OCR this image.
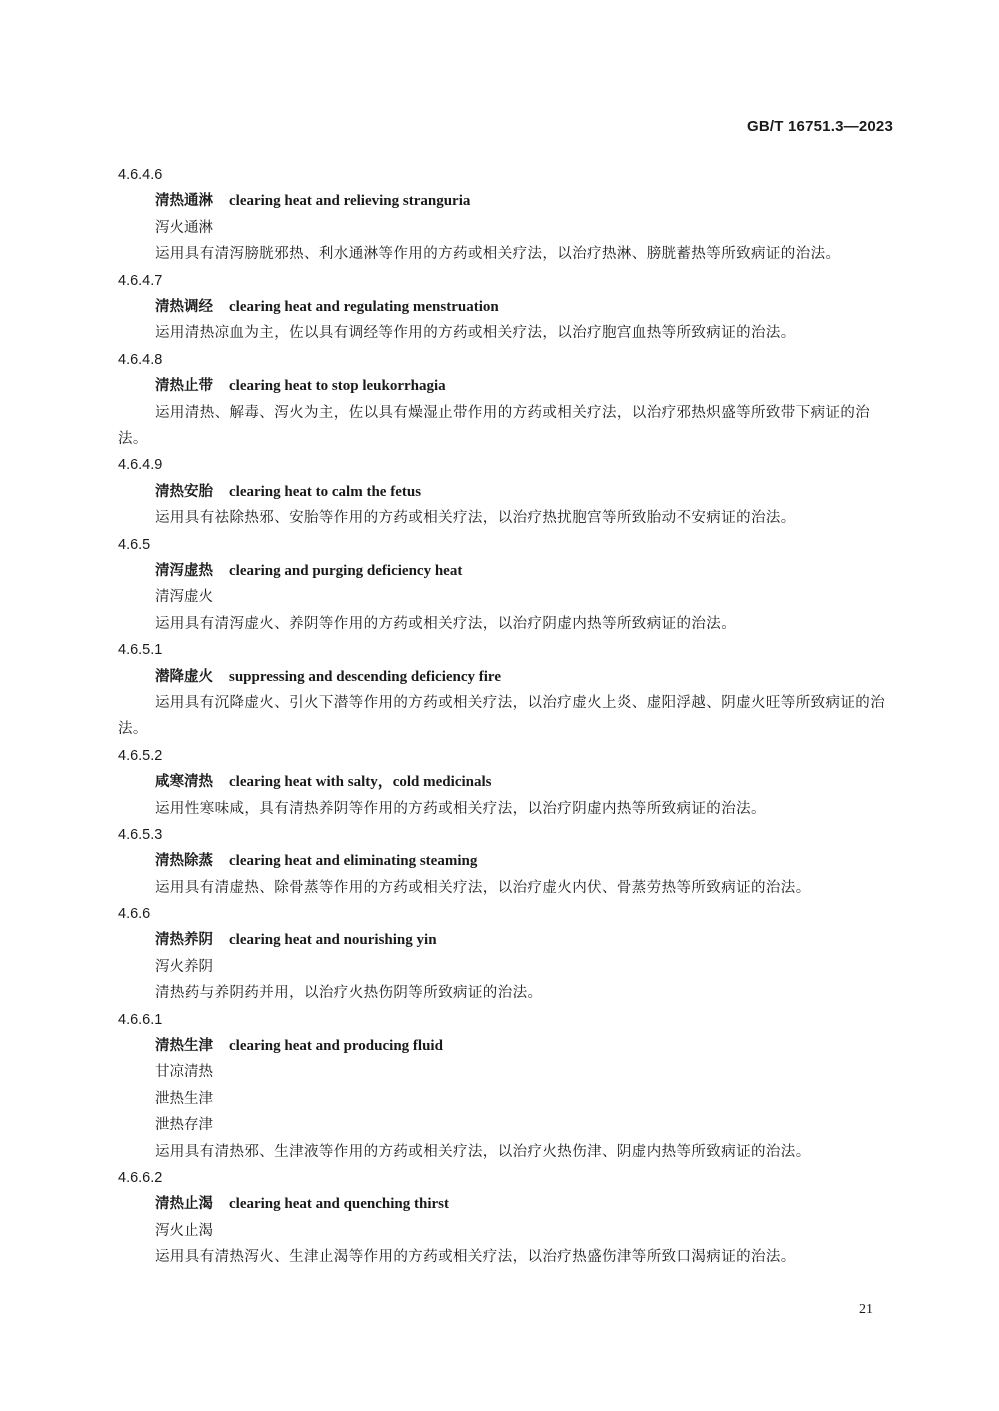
GB/T 16751.3—2023
4.6.4.6
清热通淋 clearing heat and relieving stranguria
泻火通淋

运用具有清泻膀胱邪热、利水通淋等作用的方药或相关疗法，以治疗热淋、膀胱蓄热等所致病证的治法。

4.6.4.7
清热调经 clearing heat and regulating menstruation

运用清热凉血为主，佐以具有调经等作用的方药或相关疗法，以治疗胞宫血热等所致病证的治法。

4.6.4.8
清热止带 clearing heat to stop leukorrhagia

运用清热、解毒、泻火为主，佐以具有燥湿止带作用的方药或相关疗法，以治疗邪热炽盛等所致带下病证的治法。

4.6.4.9
清热安胎 clearing heat to calm the fetus

运用具有祛除热邪、安胎等作用的方药或相关疗法，以治疗热扰胞宫等所致胎动不安病证的治法。

4.6.5
清泻虚热 clearing and purging deficiency heat
清泻虚火

运用具有清泻虚火、养阴等作用的方药或相关疗法，以治疗阴虚内热等所致病证的治法。

4.6.5.1
潜降虚火 suppressing and descending deficiency fire

运用具有沉降虚火、引火下潜等作用的方药或相关疗法，以治疗虚火上炎、虚阳浮越、阴虚火旺等所致病证的治法。

4.6.5.2
咸寒清热 clearing heat with salty，cold medicinals

运用性寒味咸，具有清热养阴等作用的方药或相关疗法，以治疗阴虚内热等所致病证的治法。

4.6.5.3
清热除蒸 clearing heat and eliminating steaming

运用具有清虚热、除骨蒸等作用的方药或相关疗法，以治疗虚火内伏、骨蒸劳热等所致病证的治法。

4.6.6
清热养阴 clearing heat and nourishing yin
泻火养阴

清热药与养阴药并用，以治疗火热伤阴等所致病证的治法。

4.6.6.1
清热生津 clearing heat and producing fluid
甘凉清热
泄热生津
泄热存津

运用具有清热邪、生津液等作用的方药或相关疗法，以治疗火热伤津、阴虚内热等所致病证的治法。

4.6.6.2
清热止渴 clearing heat and quenching thirst
泻火止渴

运用具有清热泻火、生津止渴等作用的方药或相关疗法，以治疗热盛伤津等所致口渴病证的治法。

21
